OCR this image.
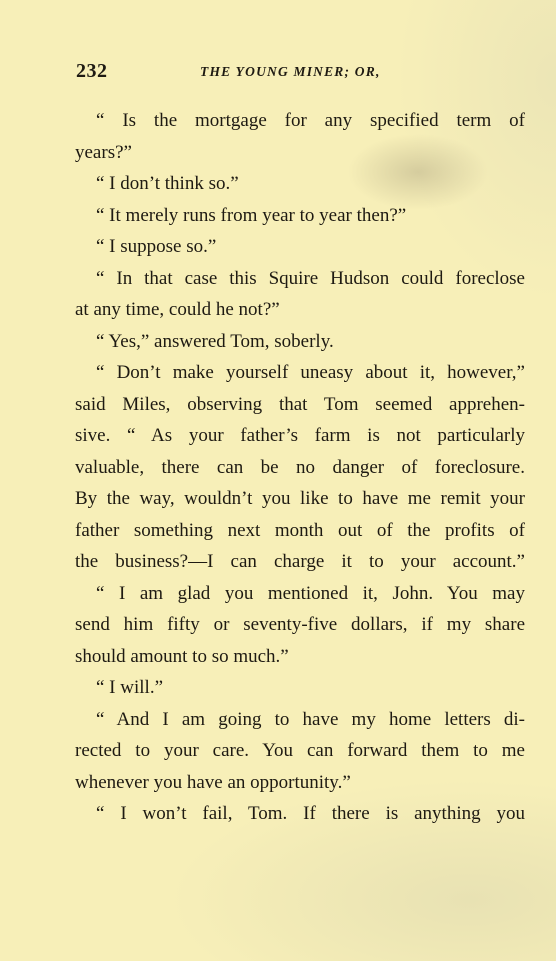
232	THE YOUNG MINER; OR,
“ Is the mortgage for any specified term of
years?”
“ I don’t think so.”
“ It merely runs from year to year then?”
“ I suppose so.”
“ In that case this Squire Hudson could foreclose
at any time, could he not?”
“ Yes,” answered Tom, soberly.
“ Don’t make yourself uneasy about it, however,”
said Miles, observing that Tom seemed apprehen-
sive. “ As your father’s farm is not particularly
valuable, there can be no danger of foreclosure.
By the way, wouldn’t you like to have me remit your
father something next month out of the profits of
the business?—I can charge it to your account.”
“ I am glad you mentioned it, John. You may
send him fifty or seventy-five dollars, if my share
should amount to so much.”
“ I will.”
“ And I am going to have my home letters di-
rected to your care. You can forward them to me
whenever you have an opportunity.”
“ I won’t fail, Tom. If there is anything you
